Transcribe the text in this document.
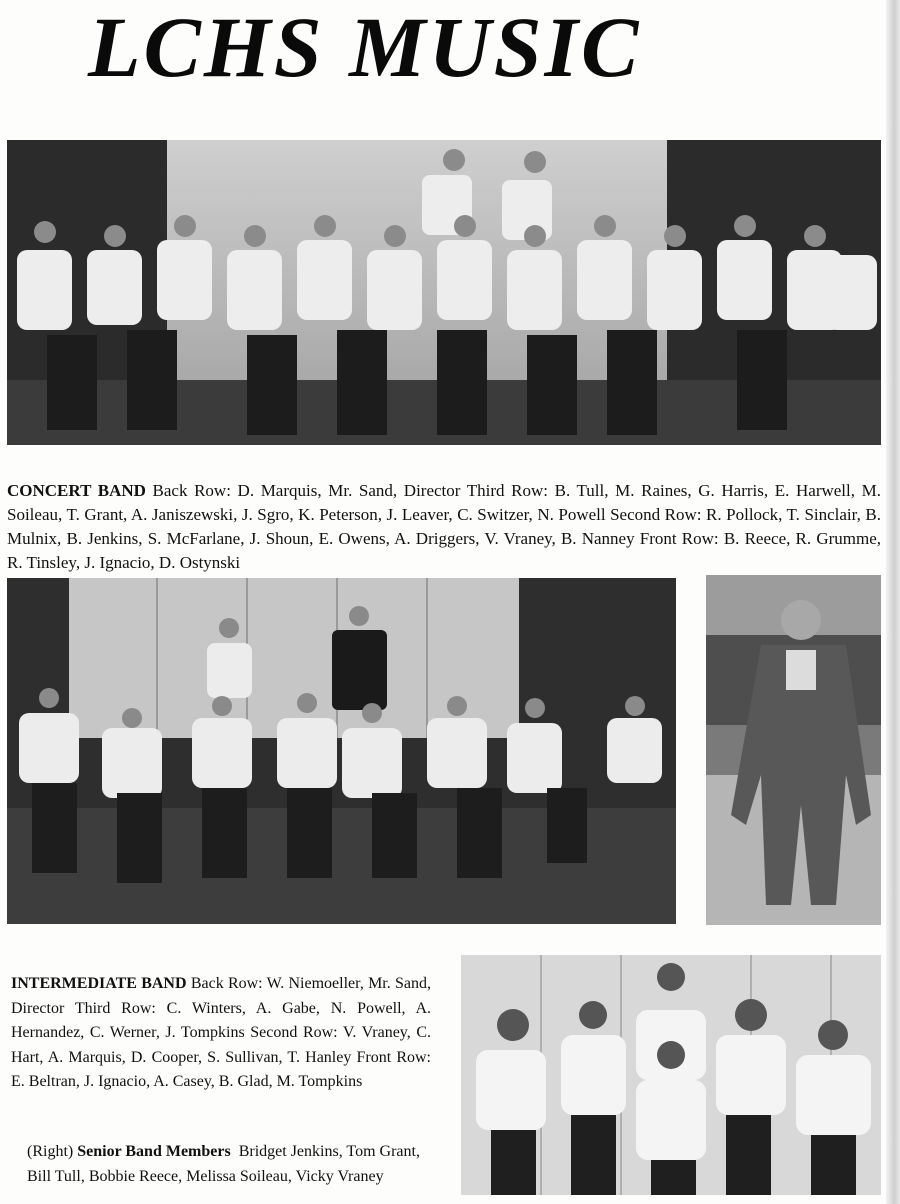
LCHS MUSIC

CONCERT BAND Back Row: D. Marquis, Mr. Sand, Director Third Row: B. Tull, M. Raines, G. Harris, E. Harwell, M. Soileau, T. Grant, A. Janiszewski, J. Sgro, K. Peterson, J. Leaver, C. Switzer, N. Powell Second Row: R. Pollock, T. Sinclair, B. Mulnix, B. Jenkins, S. McFarlane, J. Shoun, E. Owens, A. Driggers, V. Vraney, B. Nanney Front Row: B. Reece, R. Grumme, R. Tinsley, J. Ignacio, D. Ostynski

INTERMEDIATE BAND Back Row: W. Niemoeller, Mr. Sand, Director Third Row: C. Winters, A. Gabe, N. Powell, A. Hernandez, C. Werner, J. Tompkins Second Row: V. Vraney, C. Hart, A. Marquis, D. Cooper, S. Sullivan, T. Hanley Front Row: E. Beltran, J. Ignacio, A. Casey, B. Glad, M. Tompkins

(Right) Senior Band Members Bridget Jenkins, Tom Grant, Bill Tull, Bobbie Reece, Melissa Soileau, Vicky Vraney
